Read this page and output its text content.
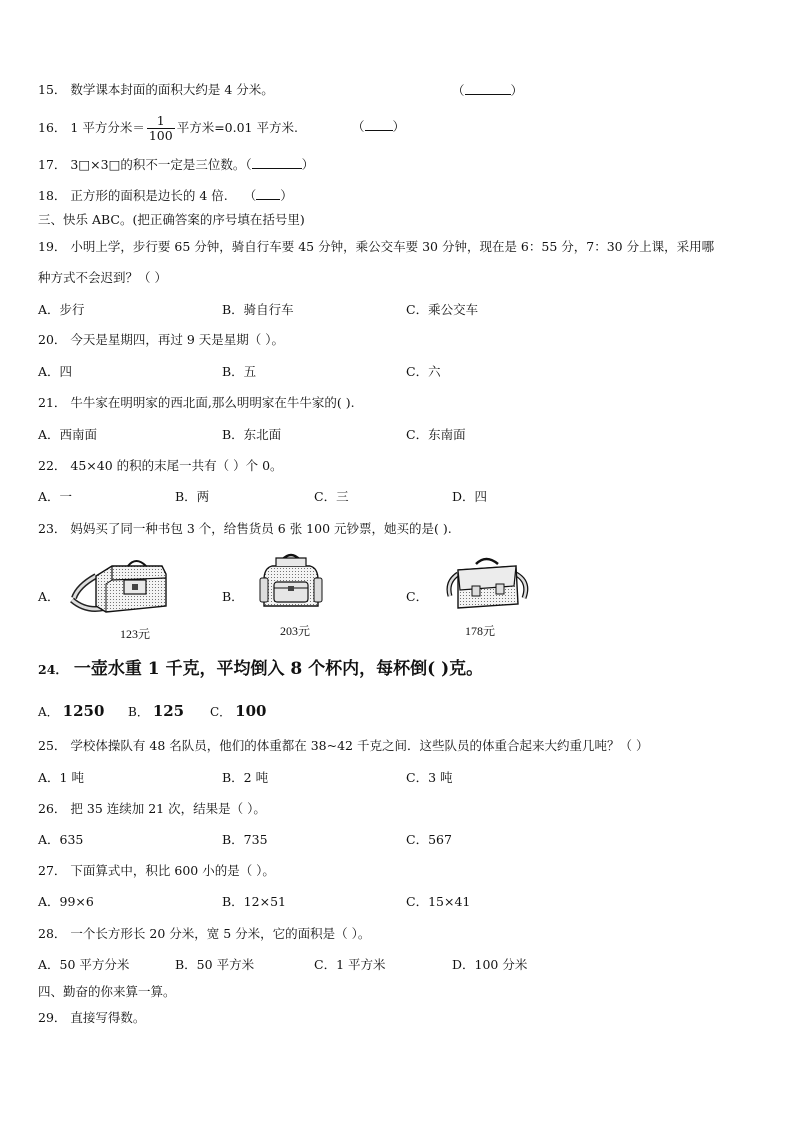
15． 数学课本封面的面积大约是 4 分米。	（	）
16． 1 平方分米＝ $\frac{1}{100}$ 平方米=0.01 平方米.	（ ）
17． 3□×3□的积不一定是三位数。（	）
18． 正方形的面积是边长的 4 倍. （ ）
三、快乐 ABC。(把正确答案的序号填在括号里)
19． 小明上学，步行要 65 分钟，骑自行车要 45 分钟，乘公交车要 30 分钟，现在是 6：55 分，7：30 分上课，采用哪
种方式不会迟到？（ ）
A．步行	B．骑自行车	C．乘公交车
20． 今天是星期四，再过 9 天是星期（ ）。
A．四	B．五	C．六
21． 牛牛家在明明家的西北面,那么明明家在牛牛家的( ).
A．西南面	B．东北面	C．东南面
22． 45×40 的积的末尾一共有（ ）个 0。
A．一	B．两	C．三	D．四
23． 妈妈买了同一种书包 3 个，给售货员 6 张 100 元钞票，她买的是( ).
A．
123元
B．
203元
C．
178元
24． 一壶水重 1 千克，平均倒入 8 个杯内，每杯倒( )克。
A． 1250 B． 125 C． 100
25． 学校体操队有 48 名队员，他们的体重都在 38~42 千克之间．这些队员的体重合起来大约重几吨？（ ）
A．1 吨	B．2 吨	C．3 吨
26． 把 35 连续加 21 次，结果是（ ）。
A．635	B．735	C．567
27． 下面算式中，积比 600 小的是（ ）。
A．99×6	B．12×51	C．15×41
28． 一个长方形长 20 分米，宽 5 分米，它的面积是（ ）。
A．50 平方分米	B．50 平方米	C．1 平方米	D．100 分米
四、勤奋的你来算一算。
29． 直接写得数。
